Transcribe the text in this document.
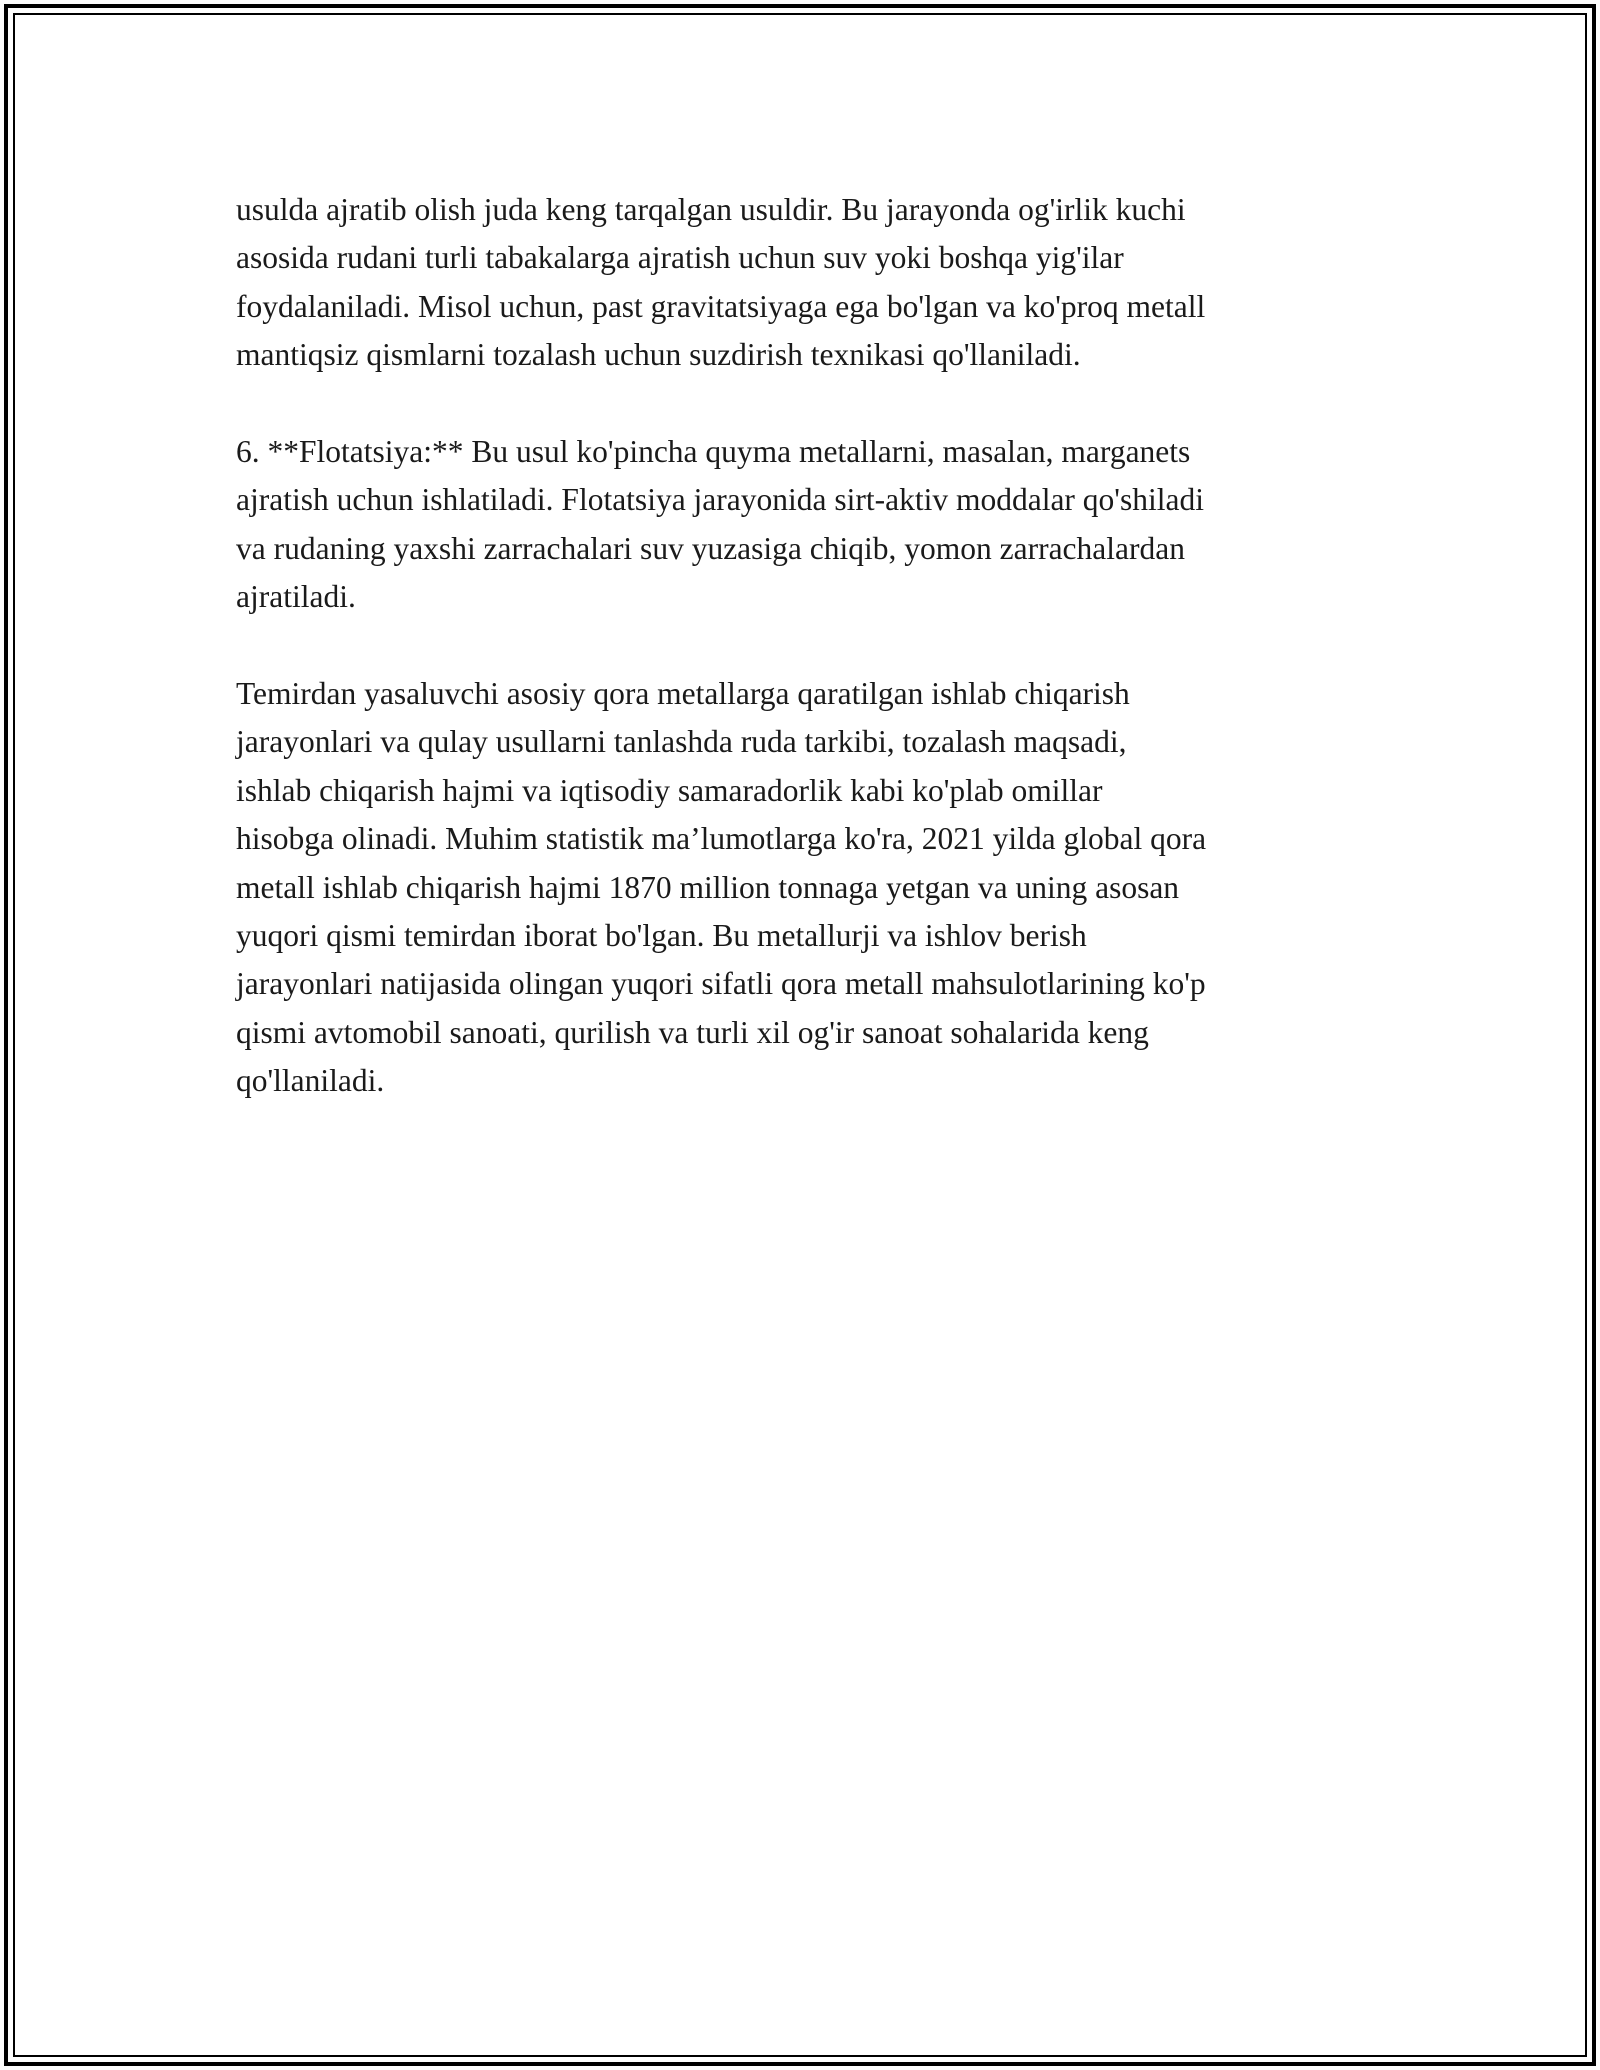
usulda ajratib olish juda keng tarqalgan usuldir. Bu jarayonda og'irlik kuchi
asosida rudani turli tabakalarga ajratish uchun suv yoki boshqa yig'ilar
foydalaniladi. Misol uchun, past gravitatsiyaga ega bo'lgan va ko'proq metall
mantiqsiz qismlarni tozalash uchun suzdirish texnikasi qo'llaniladi.

6. **Flotatsiya:** Bu usul ko'pincha quyma metallarni, masalan, marganets
ajratish uchun ishlatiladi. Flotatsiya jarayonida sirt-aktiv moddalar qo'shiladi
va rudaning yaxshi zarrachalari suv yuzasiga chiqib, yomon zarrachalardan
ajratiladi.

Temirdan yasaluvchi asosiy qora metallarga qaratilgan ishlab chiqarish
jarayonlari va qulay usullarni tanlashda ruda tarkibi, tozalash maqsadi,
ishlab chiqarish hajmi va iqtisodiy samaradorlik kabi ko'plab omillar
hisobga olinadi. Muhim statistik ma’lumotlarga ko'ra, 2021 yilda global qora
metall ishlab chiqarish hajmi 1870 million tonnaga yetgan va uning asosan
yuqori qismi temirdan iborat bo'lgan. Bu metallurji va ishlov berish
jarayonlari natijasida olingan yuqori sifatli qora metall mahsulotlarining ko'p
qismi avtomobil sanoati, qurilish va turli xil og'ir sanoat sohalarida keng
qo'llaniladi.
